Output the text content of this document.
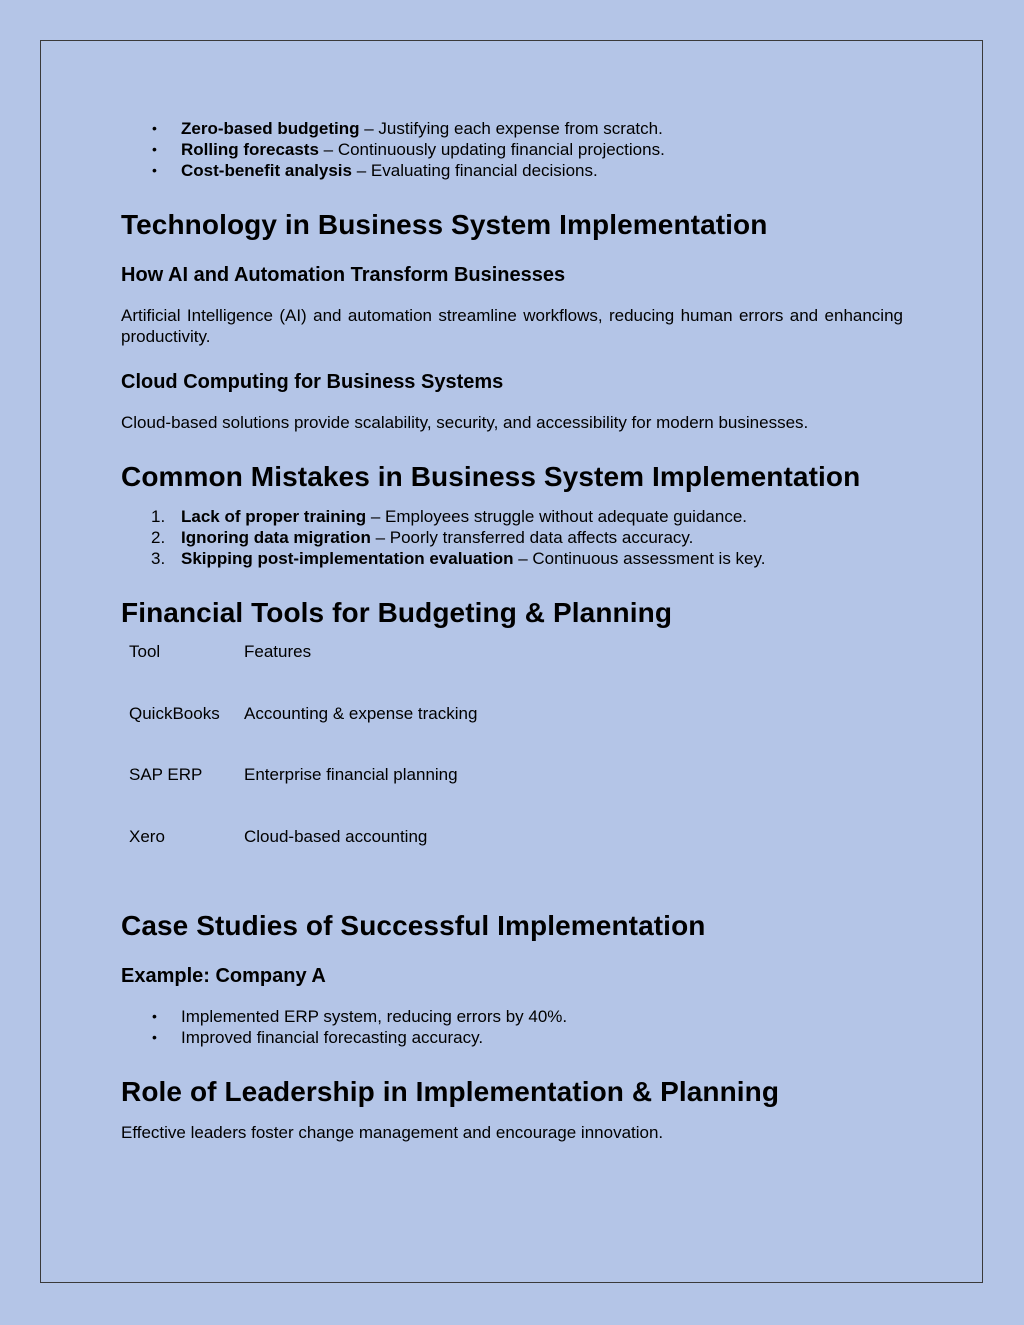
• Zero-based budgeting – Justifying each expense from scratch.
• Rolling forecasts – Continuously updating financial projections.
• Cost-benefit analysis – Evaluating financial decisions.
Technology in Business System Implementation
How AI and Automation Transform Businesses

Artificial Intelligence (AI) and automation streamline workflows, reducing human errors and enhancing productivity.

Cloud Computing for Business Systems

Cloud-based solutions provide scalability, security, and accessibility for modern businesses.

Common Mistakes in Business System Implementation
1. Lack of proper training – Employees struggle without adequate guidance.
2. Ignoring data migration – Poorly transferred data affects accuracy.
3. Skipping post-implementation evaluation – Continuous assessment is key.
Financial Tools for Budgeting & Planning
Tool	Features
QuickBooks	Accounting & expense tracking
SAP ERP	Enterprise financial planning
Xero	Cloud-based accounting
Case Studies of Successful Implementation
Example: Company A
• Implemented ERP system, reducing errors by 40%.
• Improved financial forecasting accuracy.
Role of Leadership in Implementation & Planning

Effective leaders foster change management and encourage innovation.
